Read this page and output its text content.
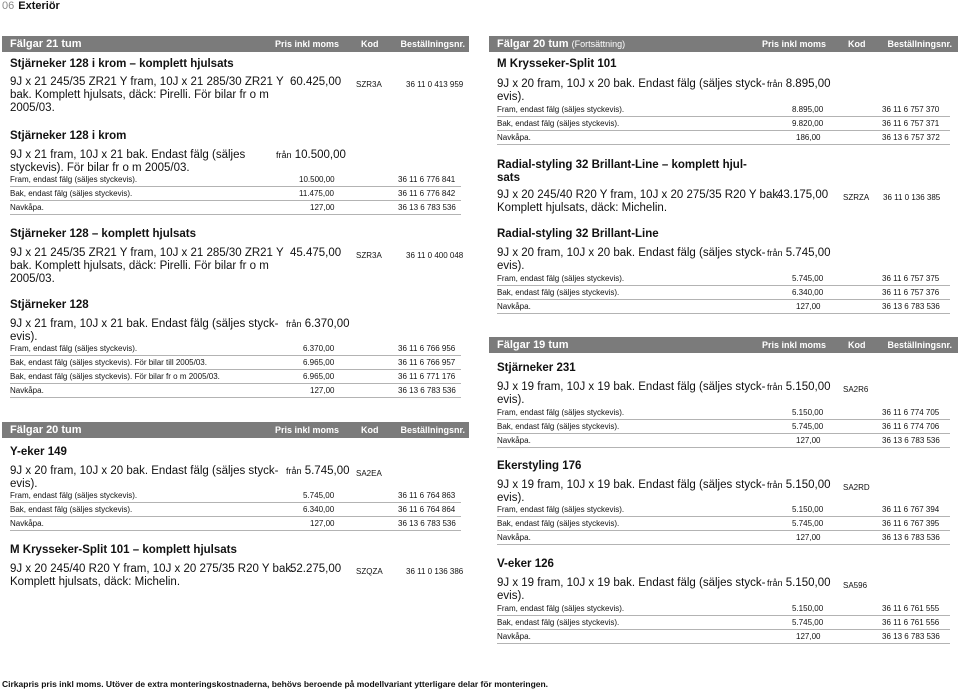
06 Exteriör
Fälgar 21 tum	Pris inkl moms Kod Beställningsnr.
Stjärneker 128 i krom – komplett hjulsats
9J x 21 245/35 ZR21 Y fram, 10J x 21 285/30 ZR21 Y
bak. Komplett hjulsats, däck: Pirelli. För bilar fr o m
2005/03.
60.425,00 SZR3A	36 11 0 413 959
Stjärneker 128 i krom
9J x 21 fram, 10J x 21 bak. Endast fälg (säljes
styckevis). För bilar fr o m 2005/03.
från 10.500,00
Fram, endast fälg (säljes styckevis).	10.500,00	36 11 6 776 841
Bak, endast fälg (säljes styckevis).	11.475,00	36 11 6 776 842
Navkåpa.	127,00	36 13 6 783 536
Stjärneker 128 – komplett hjulsats
9J x 21 245/35 ZR21 Y fram, 10J x 21 285/30 ZR21 Y
bak. Komplett hjulsats, däck: Pirelli. För bilar fr o m
2005/03.
45.475,00 SZR3A	36 11 0 400 048
Stjärneker 128
9J x 21 fram, 10J x 21 bak. Endast fälg (säljes styck-
evis).
från 6.370,00
Fram, endast fälg (säljes styckevis).	6.370,00	36 11 6 766 956
Bak, endast fälg (säljes styckevis). För bilar till 2005/03.	6.965,00	36 11 6 766 957
Bak, endast fälg (säljes styckevis). För bilar fr o m 2005/03.	6.965,00	36 11 6 771 176
Navkåpa.	127,00	36 13 6 783 536
Fälgar 20 tum	Pris inkl moms Kod Beställningsnr.
Y-eker 149
9J x 20 fram, 10J x 20 bak. Endast fälg (säljes styck-
evis).
från 5.745,00 SA2EA
Fram, endast fälg (säljes styckevis).	5.745,00	36 11 6 764 863
Bak, endast fälg (säljes styckevis).	6.340,00	36 11 6 764 864
Navkåpa.	127,00	36 13 6 783 536
M Krysseker-Split 101 – komplett hjulsats
9J x 20 245/40 R20 Y fram, 10J x 20 275/35 R20 Y bak.
Komplett hjulsats, däck: Michelin.
52.275,00 SZQZA	36 11 0 136 386
Fälgar 20 tum (Fortsättning)	Pris inkl moms Kod Beställningsnr.
M Krysseker-Split 101
9J x 20 fram, 10J x 20 bak. Endast fälg (säljes styck-
evis).
från 8.895,00
Fram, endast fälg (säljes styckevis).	8.895,00	36 11 6 757 370
Bak, endast fälg (säljes styckevis).	9.820,00	36 11 6 757 371
Navkåpa.	186,00	36 13 6 757 372
Radial-styling 32 Brillant-Line – komplett hjul-
sats
9J x 20 245/40 R20 Y fram, 10J x 20 275/35 R20 Y bak.
Komplett hjulsats, däck: Michelin.
43.175,00 SZRZA 36 11 0 136 385
Radial-styling 32 Brillant-Line
9J x 20 fram, 10J x 20 bak. Endast fälg (säljes styck-
evis).
från 5.745,00
Fram, endast fälg (säljes styckevis).	5.745,00	36 11 6 757 375
Bak, endast fälg (säljes styckevis).	6.340,00	36 11 6 757 376
Navkåpa.	127,00	36 13 6 783 536
Fälgar 19 tum	Pris inkl moms Kod Beställningsnr.
Stjärneker 231
9J x 19 fram, 10J x 19 bak. Endast fälg (säljes styck-
evis).
från 5.150,00 SA2R6
Fram, endast fälg (säljes styckevis).	5.150,00	36 11 6 774 705
Bak, endast fälg (säljes styckevis).	5.745,00	36 11 6 774 706
Navkåpa.	127,00	36 13 6 783 536
Ekerstyling 176
9J x 19 fram, 10J x 19 bak. Endast fälg (säljes styck-
evis).
från 5.150,00 SA2RD
Fram, endast fälg (säljes styckevis).	5.150,00	36 11 6 767 394
Bak, endast fälg (säljes styckevis).	5.745,00	36 11 6 767 395
Navkåpa.	127,00	36 13 6 783 536
V-eker 126
9J x 19 fram, 10J x 19 bak. Endast fälg (säljes styck-
evis).
från 5.150,00 SA596
Fram, endast fälg (säljes styckevis).	5.150,00	36 11 6 761 555
Bak, endast fälg (säljes styckevis).	5.745,00	36 11 6 761 556
Navkåpa.	127,00	36 13 6 783 536
Cirkapris pris inkl moms. Utöver de extra monteringskostnaderna, behövs beroende på modellvariant ytterligare delar för monteringen.
